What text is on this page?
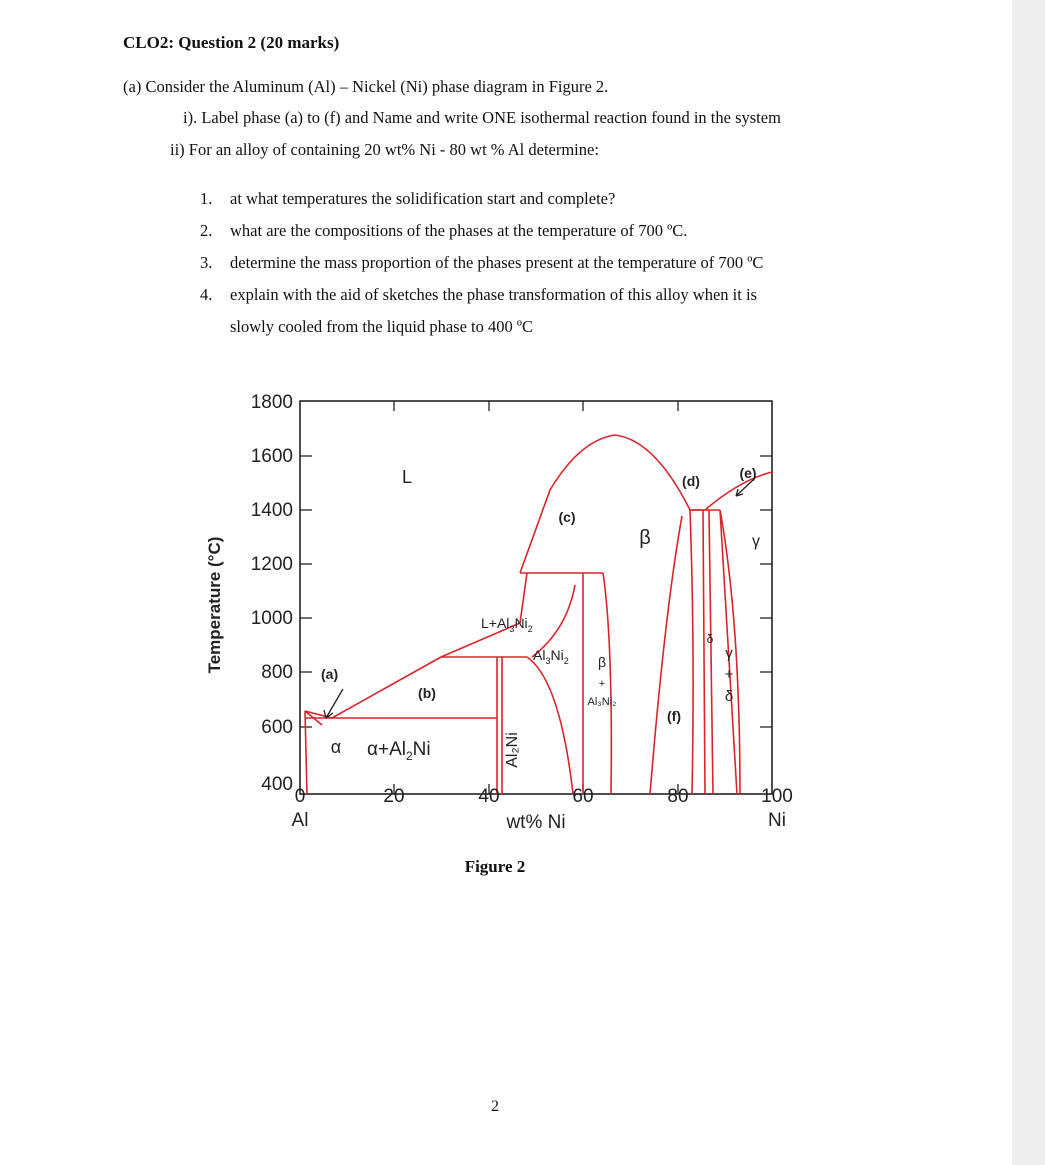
CLO2: Question 2 (20 marks)
(a) Consider the Aluminum (Al) – Nickel (Ni) phase diagram in Figure 2.
i). Label phase (a) to (f) and Name and write ONE isothermal reaction found in the system
ii) For an alloy of containing 20 wt% Ni - 80 wt % Al determine:
1. at what temperatures the solidification start and complete?
2. what are the compositions of the phases at the temperature of 700 ºC.
3. determine the mass proportion of the phases present at the temperature of 700 ºC
4. explain with the aid of sketches the phase transformation of this alloy when it is
slowly cooled from the liquid phase to 400 ºC
1800
1600
1400
1200
1000
800
600
400
0	20	40	60	80	100
Al	Ni
wt% Ni
Temperature (°C)
L
(a)
(b)
(c)
(d)	(e)
(f)
β	γ
γ
+
δ
δ
α $\alpha+Al_2Ni$
$L+Al_3Ni_2$
$Al_3Ni_2$ β
+
Al₃Ni₂
Al₂Ni
Figure 2
2
